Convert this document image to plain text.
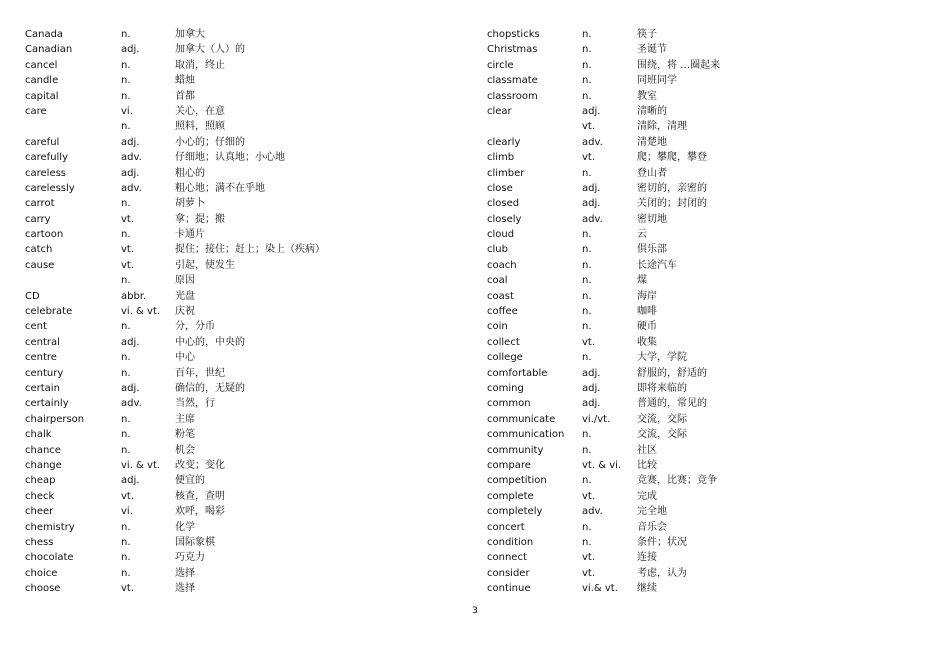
Canada	n.	加拿大
Canadian	adj.	加拿大（人）的
cancel	n.	取消，终止
candle	n.	蜡烛
capital	n.	首都
care	vi.	关心，在意
n.	照料，照顾
careful	adj.	小心的；仔细的
carefully	adv.	仔细地；认真地；小心地
careless	adj.	粗心的
carelessly	adv.	粗心地；满不在乎地
carrot	n.	胡萝卜
carry	vt.	拿；提；搬
cartoon	n.	卡通片
catch	vt.	捉住；接住；赶上；染上（疾病）
cause	vt.	引起，使发生
n.	原因
CD	abbr.	光盘
celebrate	vi. & vt. 庆祝
cent	n.	分，分币
central	adj.	中心的，中央的
centre	n.	中心
century	n.	百年，世纪
certain	adj.	确信的，无疑的
certainly	adv.	当然，行
chairperson	n.	主席
chalk	n.	粉笔
chance	n.	机会
change	vi. & vt. 改变；变化
cheap	adj.	便宜的
check	vt.	核查，查明
cheer	vi.	欢呼，喝彩
chemistry	n.	化学
chess	n.	国际象棋
chocolate	n.	巧克力
choice	n.	选择
choose	vt.	选择
chopsticks	n.	筷子
Christmas	n.	圣诞节
circle	n.	围绕，将 …圈起来
classmate	n.	同班同学
classroom	n.	教室
clear	adj.	清晰的
vt.	清除，清理
clearly	adv.	清楚地
climb	vt.	爬；攀爬，攀登
climber	n.	登山者
close	adj.	密切的，亲密的
closed	adj.	关闭的；封闭的
closely	adv.	密切地
cloud	n.	云
club	n.	俱乐部
coach	n.	长途汽车
coal	n.	煤
coast	n.	海岸
coffee	n.	咖啡
coin	n.	硬币
collect	vt.	收集
college	n.	大学，学院
comfortable	adj.	舒服的，舒适的
coming	adj.	即将来临的
common	adj.	普通的，常见的
communicate	vi./vt.	交流，交际
communication n.	交流，交际
community	n.	社区
compare	vt. & vi. 比较
competition	n.	竞赛，比赛；竞争
complete	vt.	完成
completely	adv.	完全地
concert	n.	音乐会
condition	n.	条件；状况
connect	vt.	连接
consider	vt.	考虑，认为
continue	vi.& vt. 继续
3
